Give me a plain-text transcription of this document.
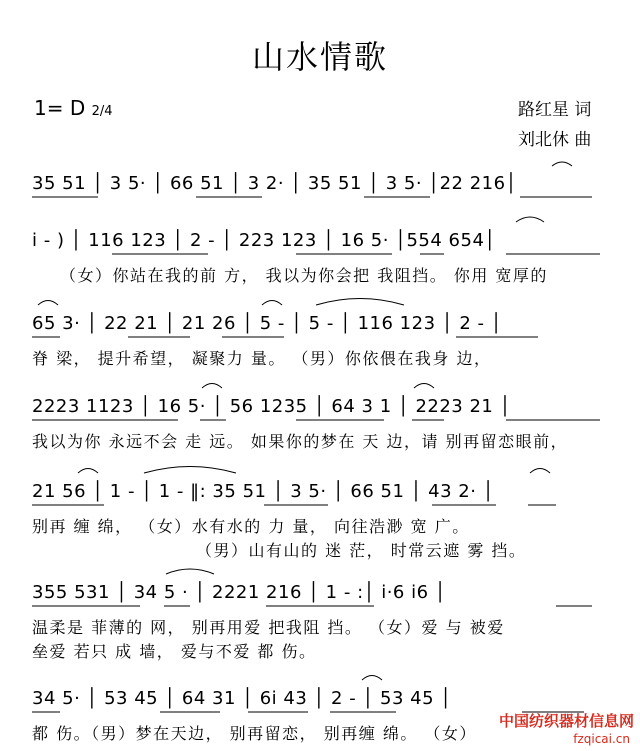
山水情歌
1= D 2/4	路红星 词
刘北休 曲
35 51 │ 3 5· │ 66 51 │ 3 2· │ 35 51 │ 3 5· │22 216│
i - ) │ 116 123 │ 2 - │ 223 123 │ 16 5· │554 654│
（女）你站在我的前 方， 我以为你会把 我阻挡。 你用 宽厚的
65 3· │ 22 21 │ 21 26 │ 5 - │ 5 - │ 116 123 │ 2 - │
脊 梁， 提升希望， 凝聚力 量。 （男）你依偎在我身 边，
2223 1123 │ 16 5· │ 56 1235 │ 64 3 1 │ 2223 21 │
我以为你 永远不会 走 远。 如果你的梦在 天 边，请 别再留恋眼前，
21 56 │ 1 - │ 1 - ‖: 35 51 │ 3 5· │ 66 51 │ 43 2· │
别再 缠 绵， （女）水有水的 力 量， 向往浩渺 宽 广。
（男）山有山的 迷 茫， 时常云遮 雾 挡。
355 531 │ 34 5 · │ 2221 216 │ 1 - :│ i·6 i6 │
温柔是 菲薄的 网， 别再用爱 把我阻 挡。 （女）爱 与 被爱
垒爱 若只 成 墙， 爱与不爱 都 伤。
34 5· │ 53 45 │ 64 31 │ 6i 43 │ 2 - │ 53 45 │
都 伤。（男）梦在天边， 别再留恋， 别再缠 绵。 （女）
中国纺织器材信息网
fzqicai.cn
